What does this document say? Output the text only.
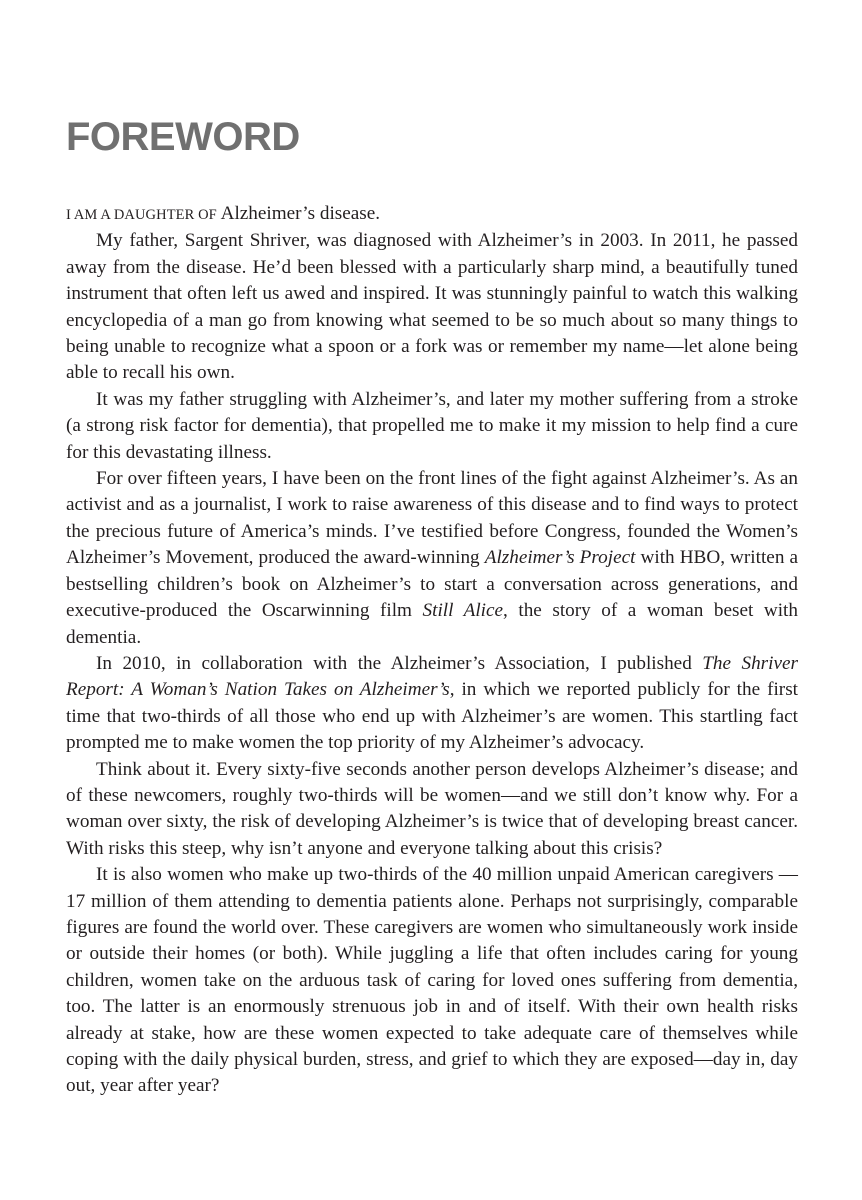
FOREWORD

I AM A DAUGHTER OF Alzheimer’s disease.

My father, Sargent Shriver, was diagnosed with Alzheimer’s in 2003. In 2011, he passed away from the disease. He’d been blessed with a particularly sharp mind, a beautifully tuned instrument that often left us awed and inspired. It was stunningly painful to watch this walking encyclopedia of a man go from knowing what seemed to be so much about so many things to being unable to recognize what a spoon or a fork was or remember my name—let alone being able to recall his own.

It was my father struggling with Alzheimer’s, and later my mother suffering from a stroke (a strong risk factor for dementia), that propelled me to make it my mission to help find a cure for this devastating illness.

For over fifteen years, I have been on the front lines of the fight against Alzheimer’s. As an activist and as a journalist, I work to raise awareness of this disease and to find ways to protect the precious future of America’s minds. I’ve testified before Congress, founded the Women’s Alzheimer’s Movement, produced the award-winning Alzheimer’s Project with HBO, written a bestselling children’s book on Alzheimer’s to start a conversation across generations, and executive-produced the Oscarwinning film Still Alice, the story of a woman beset with dementia.

In 2010, in collaboration with the Alzheimer’s Association, I published The Shriver Report: A Woman’s Nation Takes on Alzheimer’s, in which we reported publicly for the first time that two-thirds of all those who end up with Alzheimer’s are women. This startling fact prompted me to make women the top priority of my Alzheimer’s advocacy.

Think about it. Every sixty-five seconds another person develops Alzheimer’s disease; and of these newcomers, roughly two-thirds will be women—and we still don’t know why. For a woman over sixty, the risk of developing Alzheimer’s is twice that of developing breast cancer. With risks this steep, why isn’t anyone and everyone talking about this crisis?

It is also women who make up two-thirds of the 40 million unpaid American caregivers —17 million of them attending to dementia patients alone. Perhaps not surprisingly, comparable figures are found the world over. These caregivers are women who simultaneously work inside or outside their homes (or both). While juggling a life that often includes caring for young children, women take on the arduous task of caring for loved ones suffering from dementia, too. The latter is an enormously strenuous job in and of itself. With their own health risks already at stake, how are these women expected to take adequate care of themselves while coping with the daily physical burden, stress, and grief to which they are exposed—day in, day out, year after year?
